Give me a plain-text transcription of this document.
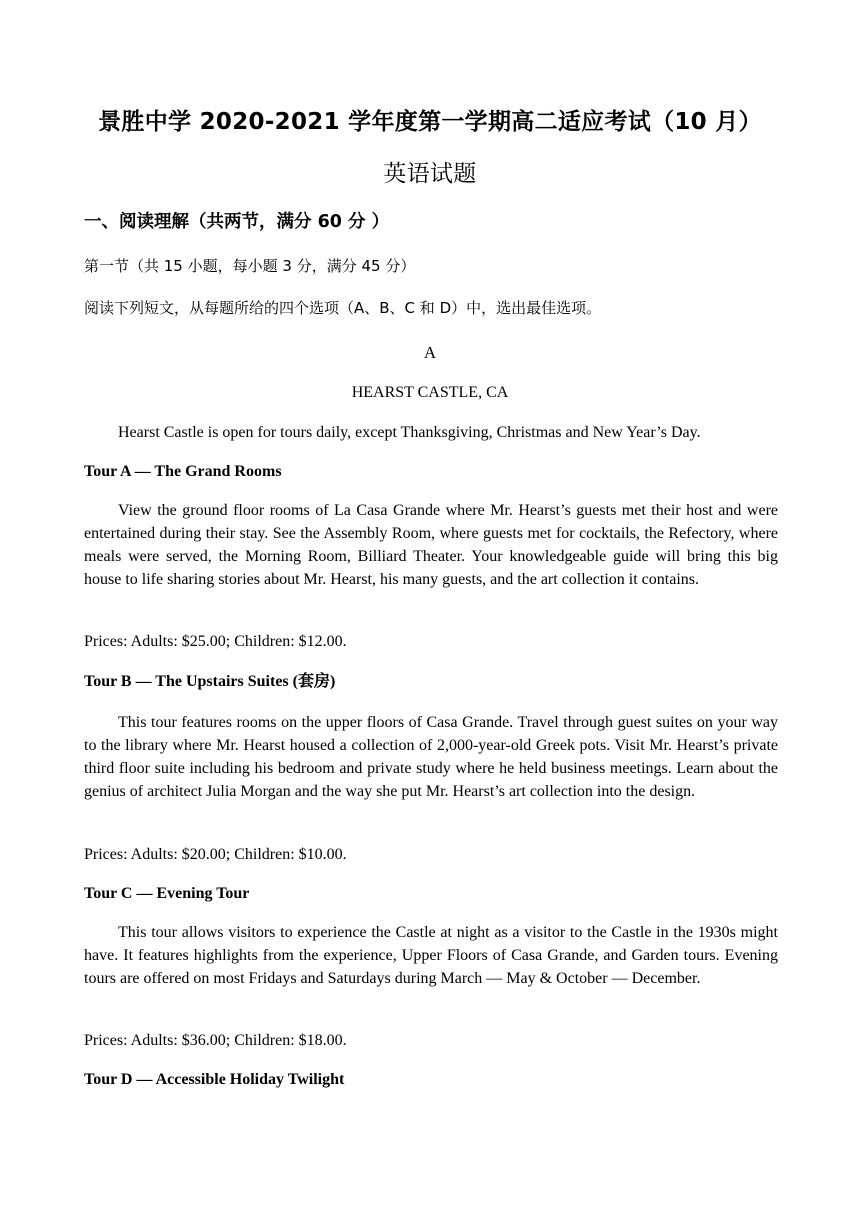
景胜中学 2020-2021 学年度第一学期高二适应考试（10 月）
英语试题
一、阅读理解（共两节，满分 60 分 ）
第一节（共 15 小题，每小题 3 分，满分 45 分）
阅读下列短文，从每题所给的四个选项（A、B、C 和 D）中，选出最佳选项。
A
HEARST CASTLE, CA
Hearst Castle is open for tours daily, except Thanksgiving, Christmas and New Year’s Day.
Tour A — The Grand Rooms

View the ground floor rooms of La Casa Grande where Mr. Hearst’s guests met their host and were entertained during their stay. See the Assembly Room, where guests met for cocktails, the Refectory, where meals were served, the Morning Room, Billiard Theater. Your knowledgeable guide will bring this big house to life sharing stories about Mr. Hearst, his many guests, and the art collection it contains.

Prices: Adults: $25.00; Children: $12.00.
Tour B — The Upstairs Suites (套房)

This tour features rooms on the upper floors of Casa Grande. Travel through guest suites on your way to the library where Mr. Hearst housed a collection of 2,000-year-old Greek pots. Visit Mr. Hearst’s private third floor suite including his bedroom and private study where he held business meetings. Learn about the genius of architect Julia Morgan and the way she put Mr. Hearst’s art collection into the design.

Prices: Adults: $20.00; Children: $10.00.
Tour C — Evening Tour

This tour allows visitors to experience the Castle at night as a visitor to the Castle in the 1930s might have. It features highlights from the experience, Upper Floors of Casa Grande, and Garden tours. Evening tours are offered on most Fridays and Saturdays during March — May & October — December.

Prices: Adults: $36.00; Children: $18.00.
Tour D — Accessible Holiday Twilight
